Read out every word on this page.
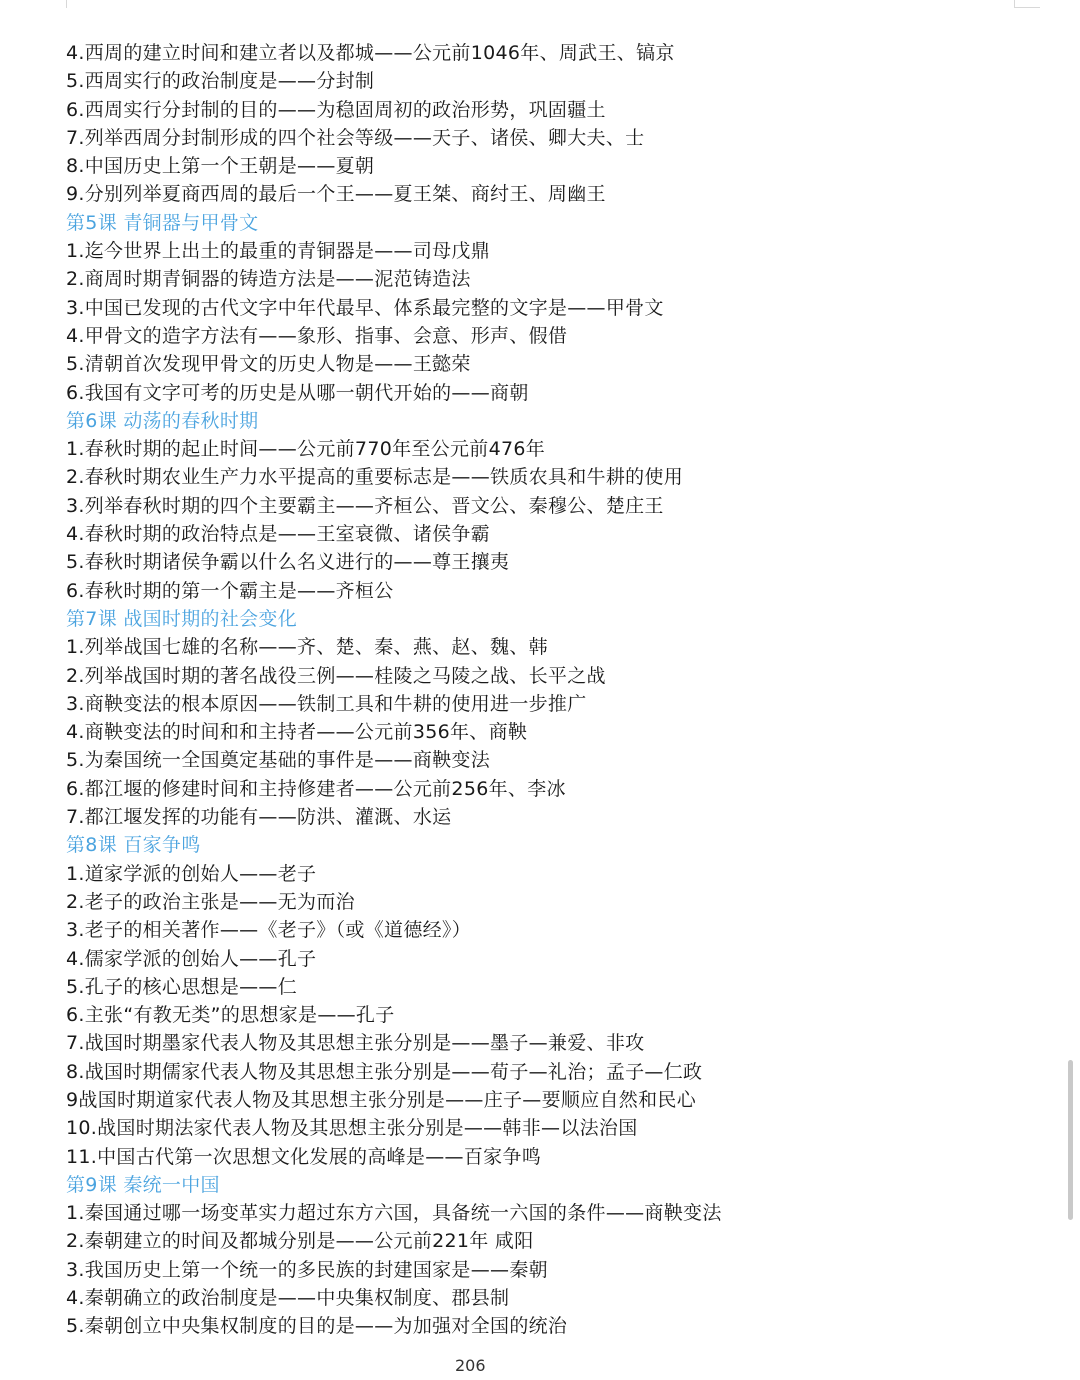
4.西周的建立时间和建立者以及都城——公元前1046年、周武王、镐京
5.西周实行的政治制度是——分封制
6.西周实行分封制的目的——为稳固周初的政治形势，巩固疆土
7.列举西周分封制形成的四个社会等级——天子、诸侯、卿大夫、士
8.中国历史上第一个王朝是——夏朝
9.分别列举夏商西周的最后一个王——夏王桀、商纣王、周幽王
第5课 青铜器与甲骨文
1.迄今世界上出土的最重的青铜器是——司母戊鼎
2.商周时期青铜器的铸造方法是——泥范铸造法
3.中国已发现的古代文字中年代最早、体系最完整的文字是——甲骨文
4.甲骨文的造字方法有——象形、指事、会意、形声、假借
5.清朝首次发现甲骨文的历史人物是——王懿荣
6.我国有文字可考的历史是从哪一朝代开始的——商朝
第6课 动荡的春秋时期
1.春秋时期的起止时间——公元前770年至公元前476年
2.春秋时期农业生产力水平提高的重要标志是——铁质农具和牛耕的使用
3.列举春秋时期的四个主要霸主——齐桓公、晋文公、秦穆公、楚庄王
4.春秋时期的政治特点是——王室衰微、诸侯争霸
5.春秋时期诸侯争霸以什么名义进行的——尊王攘夷
6.春秋时期的第一个霸主是——齐桓公
第7课 战国时期的社会变化
1.列举战国七雄的名称——齐、楚、秦、燕、赵、魏、韩
2.列举战国时期的著名战役三例——桂陵之马陵之战、长平之战
3.商鞅变法的根本原因——铁制工具和牛耕的使用进一步推广
4.商鞅变法的时间和和主持者——公元前356年、商鞅
5.为秦国统一全国奠定基础的事件是——商鞅变法
6.都江堰的修建时间和主持修建者——公元前256年、李冰
7.都江堰发挥的功能有——防洪、灌溉、水运
第8课 百家争鸣
1.道家学派的创始人——老子
2.老子的政治主张是——无为而治
3.老子的相关著作——《老子》（或《道德经》）
4.儒家学派的创始人——孔子
5.孔子的核心思想是——仁
6.主张“有教无类”的思想家是——孔子
7.战国时期墨家代表人物及其思想主张分别是——墨子—兼爱、非攻
8.战国时期儒家代表人物及其思想主张分别是——荀子—礼治；孟子—仁政
9战国时期道家代表人物及其思想主张分别是——庄子—要顺应自然和民心
10.战国时期法家代表人物及其思想主张分别是——韩非—以法治国
11.中国古代第一次思想文化发展的高峰是——百家争鸣
第9课 秦统一中国
1.秦国通过哪一场变革实力超过东方六国，具备统一六国的条件——商鞅变法
2.秦朝建立的时间及都城分别是——公元前221年 咸阳
3.我国历史上第一个统一的多民族的封建国家是——秦朝
4.秦朝确立的政治制度是——中央集权制度、郡县制
5.秦朝创立中央集权制度的目的是——为加强对全国的统治
206
